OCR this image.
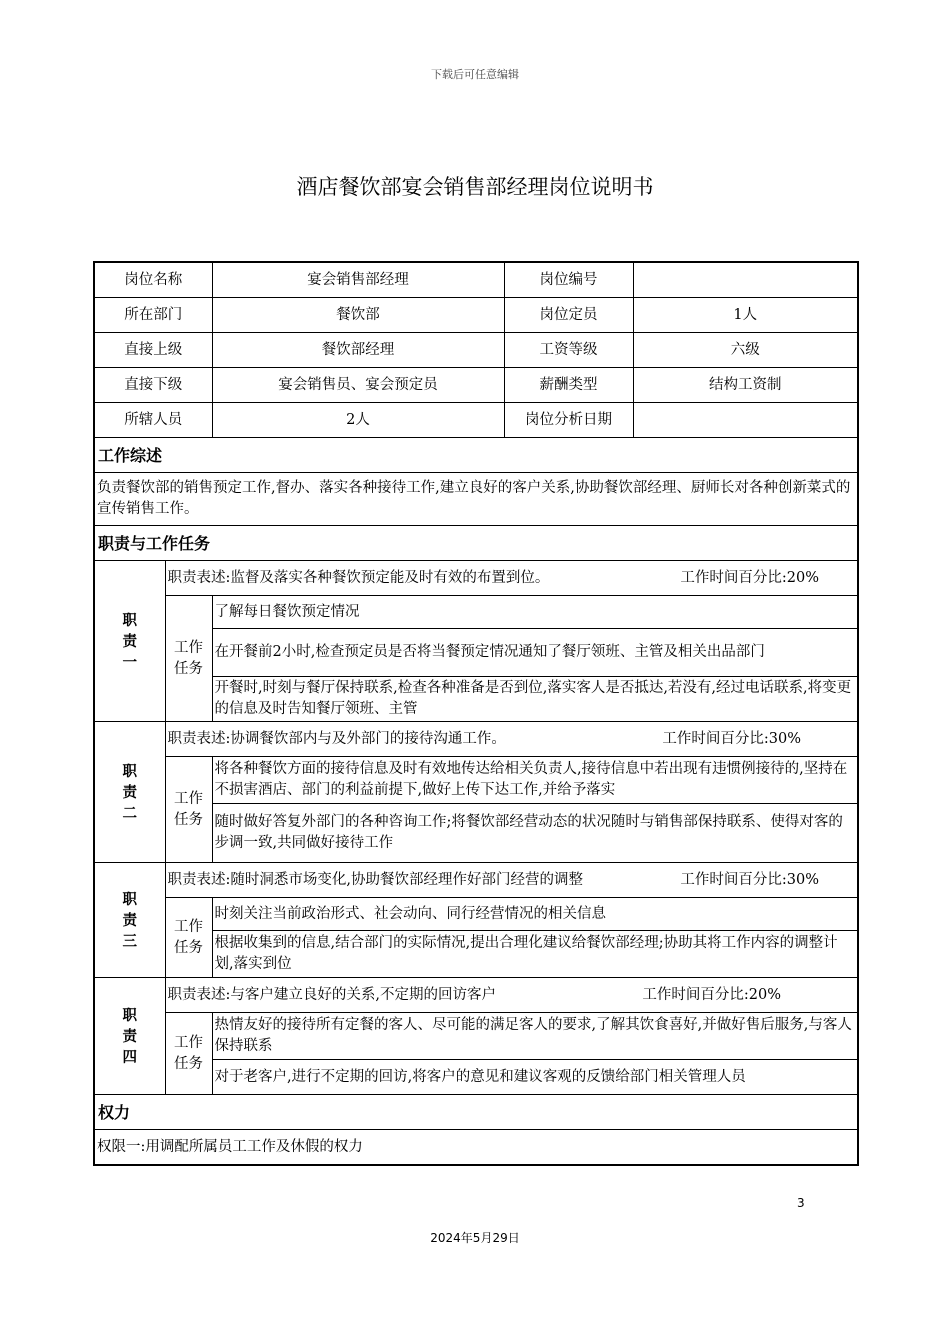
下载后可任意编辑
酒店餐饮部宴会销售部经理岗位说明书
岗位名称		宴会销售部经理	岗位编号	
所在部门		餐饮部	岗位定员	1人
直接上级		餐饮部经理	工资等级	六级
直接下级		宴会销售员、宴会预定员	薪酬类型	结构工资制
所辖人员		2人	岗位分析日期	
工作综述				
负责餐饮部的销售预定工作,督办、落实各种接待工作,建立良好的客户关系,协助餐饮部经理、厨师长对各种创新菜式的宣传销售工作。				
职责与工作任务				

职责一	职责表述:监督及落实各种餐饮预定能及时有效的布置到位。 工作时间百分比:20%			

	工作任务	了解每日餐饮预定情况		
		在开餐前2小时,检查预定员是否将当餐预定情况通知了餐厅领班、主管及相关出品部门		
		开餐时,时刻与餐厅保持联系,检查各种准备是否到位,落实客人是否抵达,若没有,经过电话联系,将变更的信息及时告知餐厅领班、主管		

职责二	职责表述:协调餐饮部内与及外部门的接待沟通工作。 工作时间百分比:30%			

	工作任务	将各种餐饮方面的接待信息及时有效地传达给相关负责人,接待信息中若出现有违惯例接待的,坚持在不损害酒店、部门的利益前提下,做好上传下达工作,并给予落实		
		随时做好答复外部门的各种咨询工作;将餐饮部经营动态的状况随时与销售部保持联系、使得对客的步调一致,共同做好接待工作		

职责三	职责表述:随时洞悉市场变化,协助餐饮部经理作好部门经营的调整 工作时间百分比:30%			

	工作任务	时刻关注当前政治形式、社会动向、同行经营情况的相关信息		
		根据收集到的信息,结合部门的实际情况,提出合理化建议给餐饮部经理;协助其将工作内容的调整计划,落实到位		

职责四	职责表述:与客户建立良好的关系,不定期的回访客户 工作时间百分比:20%			

	工作任务	热情友好的接待所有定餐的客人、尽可能的满足客人的要求,了解其饮食喜好,并做好售后服务,与客人保持联系		
		对于老客户,进行不定期的回访,将客户的意见和建议客观的反馈给部门相关管理人员		
权力				
权限一:用调配所属员工工作及休假的权力				
3
2024年5月29日
